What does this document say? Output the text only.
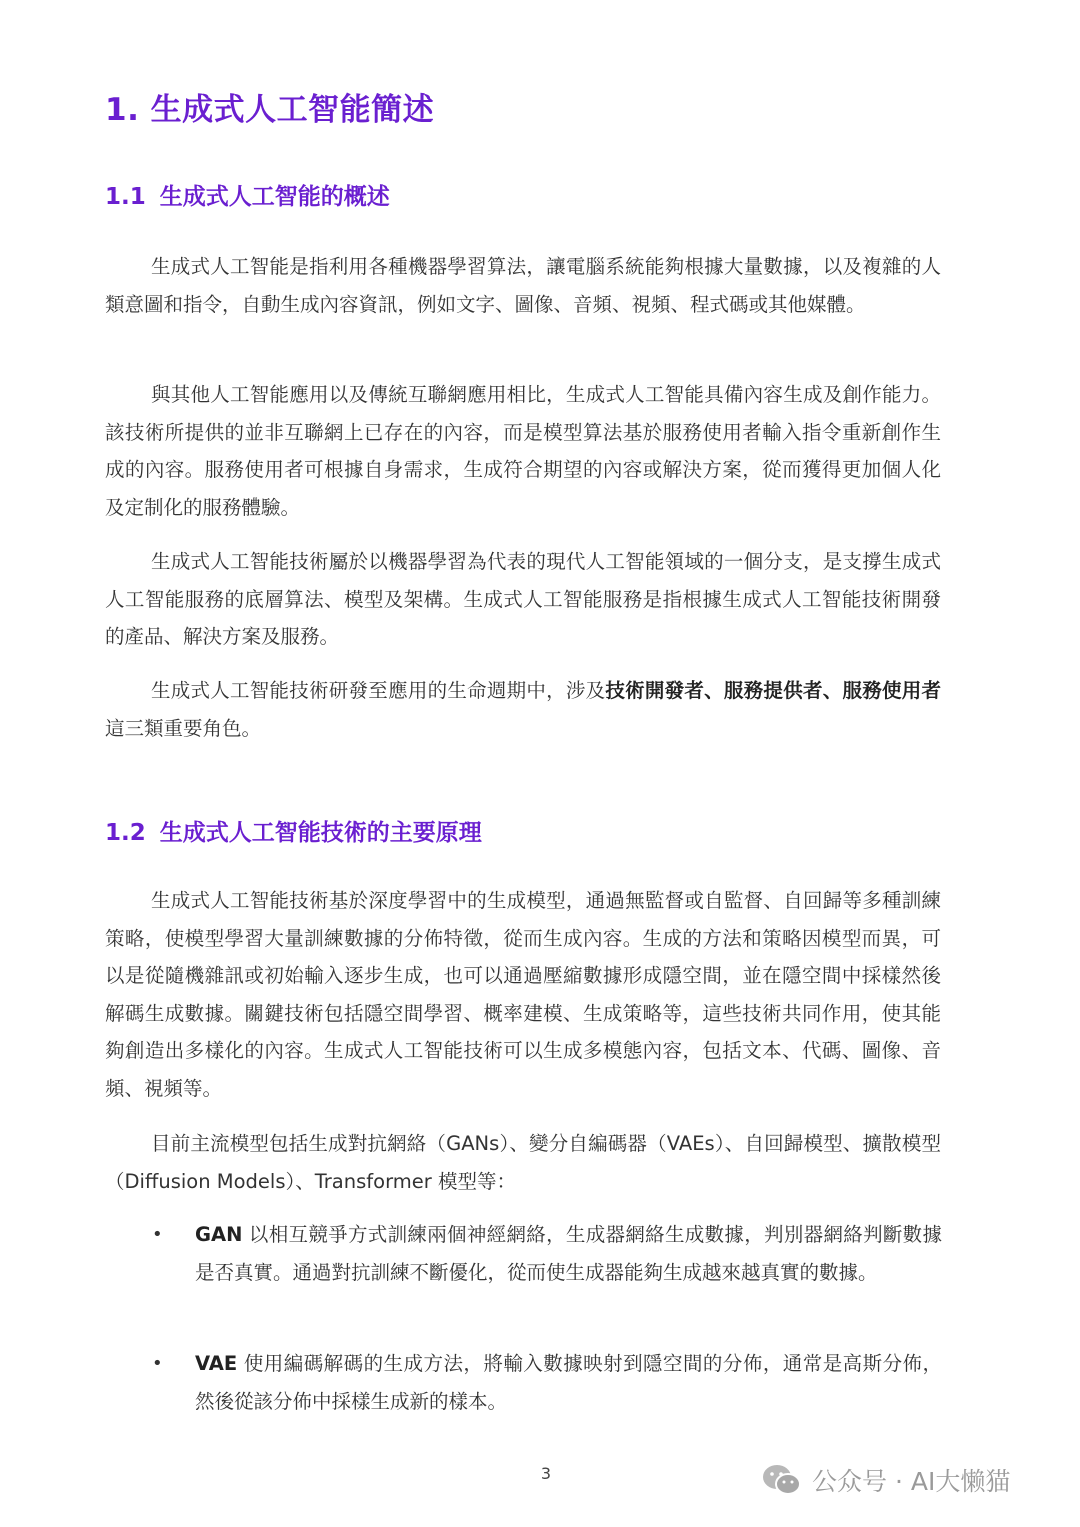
1. 生成式人工智能簡述
1.1 生成式人工智能的概述

生成式人工智能是指利用各種機器學習算法，讓電腦系統能夠根據大量數據，以及複雜的人類意圖和指令，自動生成內容資訊，例如文字、圖像、音頻、視頻、程式碼或其他媒體。

與其他人工智能應用以及傳統互聯網應用相比，生成式人工智能具備內容生成及創作能力。該技術所提供的並非互聯網上已存在的內容，而是模型算法基於服務使用者輸入指令重新創作生成的內容。服務使用者可根據自身需求，生成符合期望的內容或解決方案，從而獲得更加個人化及定制化的服務體驗。

生成式人工智能技術屬於以機器學習為代表的現代人工智能領域的一個分支，是支撐生成式人工智能服務的底層算法、模型及架構。生成式人工智能服務是指根據生成式人工智能技術開發的產品、解決方案及服務。

生成式人工智能技術研發至應用的生命週期中，涉及技術開發者、服務提供者、服務使用者這三類重要角色。

1.2 生成式人工智能技術的主要原理

生成式人工智能技術基於深度學習中的生成模型，通過無監督或自監督、自回歸等多種訓練策略，使模型學習大量訓練數據的分佈特徵，從而生成內容。生成的方法和策略因模型而異，可以是從隨機雜訊或初始輸入逐步生成，也可以通過壓縮數據形成隱空間，並在隱空間中採樣然後解碼生成數據。關鍵技術包括隱空間學習、概率建模、生成策略等，這些技術共同作用，使其能夠創造出多樣化的內容。生成式人工智能技術可以生成多模態內容，包括文本、代碼、圖像、音頻、視頻等。

目前主流模型包括生成對抗網絡（GANs）、變分自編碼器（VAEs）、自回歸模型、擴散模型（Diffusion Models）、Transformer 模型等：

• GAN 以相互競爭方式訓練兩個神經網絡，生成器網絡生成數據，判別器網絡判斷數據是否真實。通過對抗訓練不斷優化，從而使生成器能夠生成越來越真實的數據。
• VAE 使用編碼解碼的生成方法，將輸入數據映射到隱空間的分佈，通常是高斯分佈，然後從該分佈中採樣生成新的樣本。
3	公众号 · AI大懒猫
